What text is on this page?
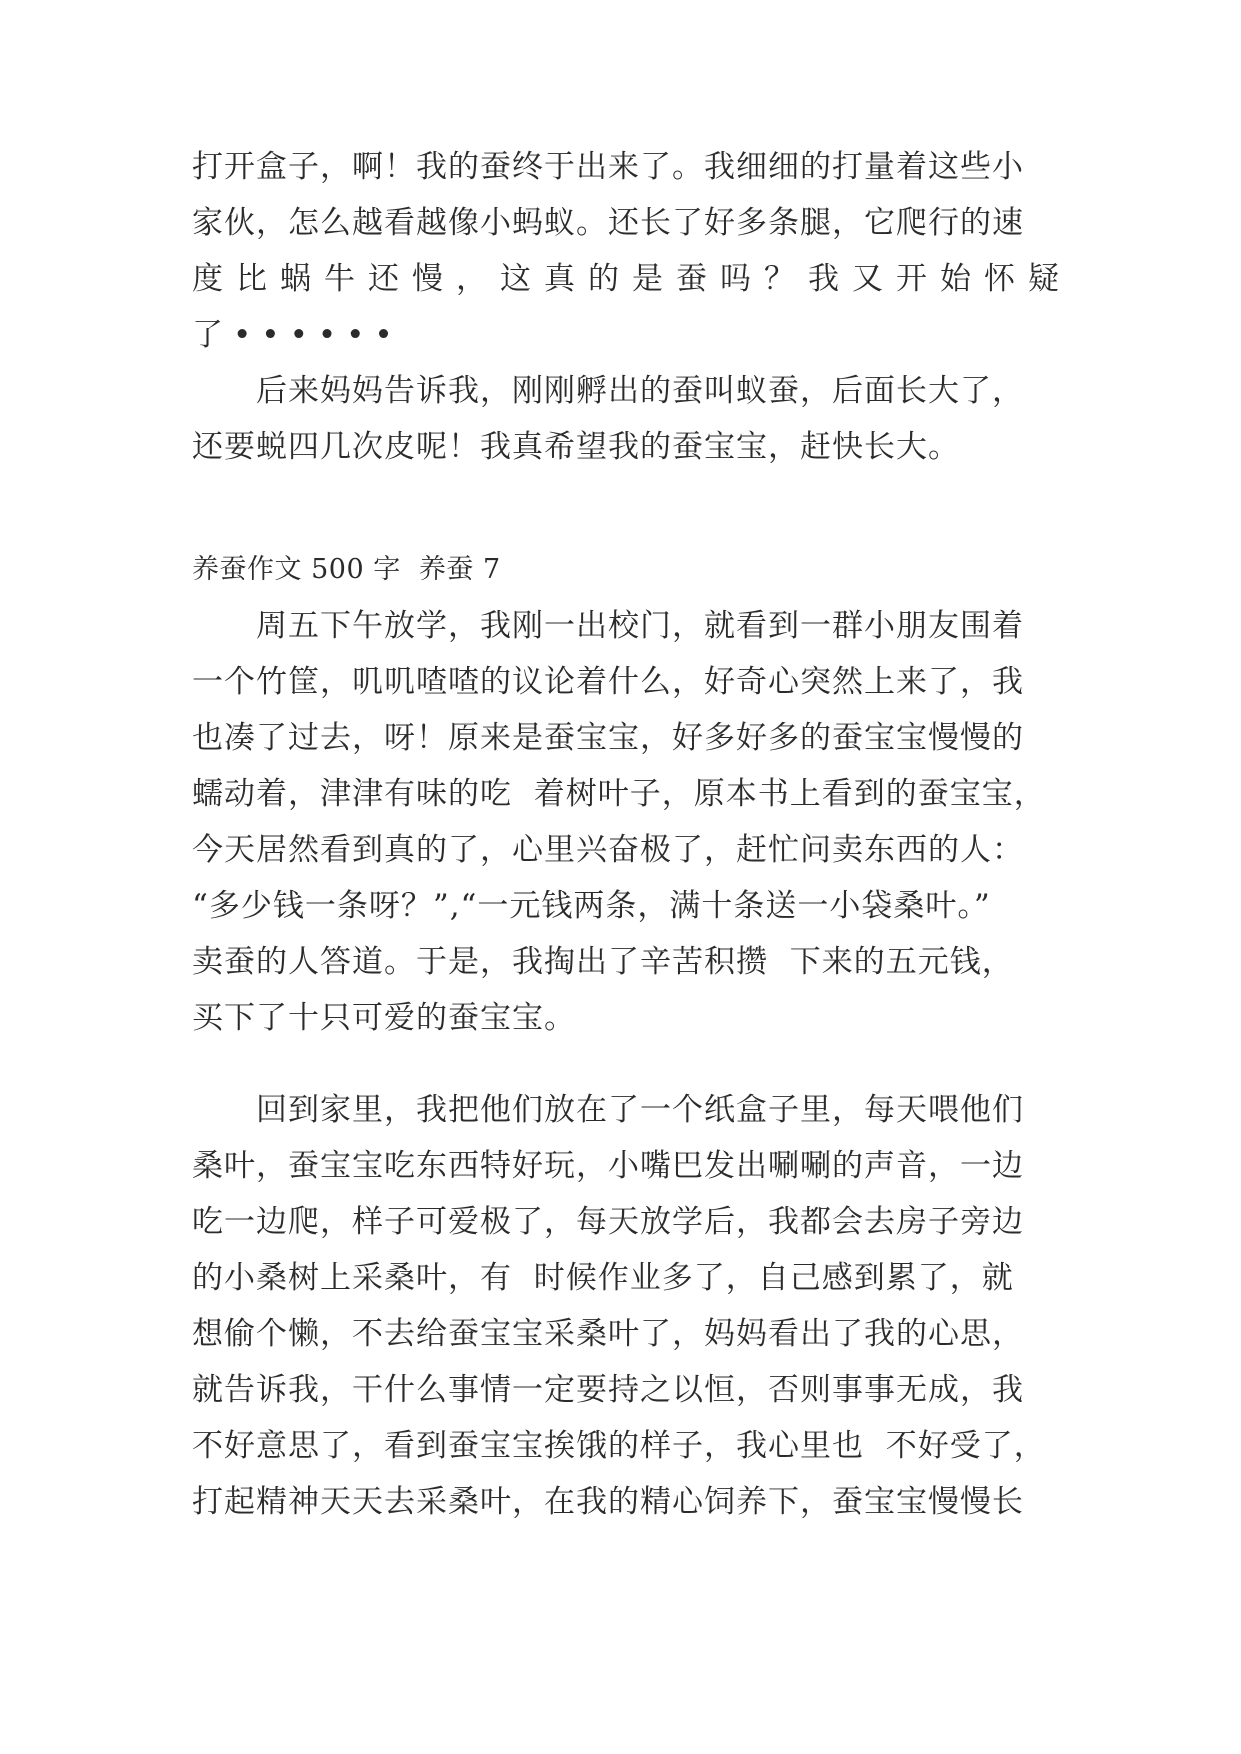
打开盒子，啊！我的蚕终于出来了。我细细的打量着这些小
家伙，怎么越看越像小蚂蚁。还长了好多条腿，它爬行的速
度比蜗牛还慢，这真的是蚕吗？我又开始怀疑
了••••••
后来妈妈告诉我，刚刚孵出的蚕叫蚁蚕，后面长大了，
还要蜕四几次皮呢！我真希望我的蚕宝宝，赶快长大。
养蚕作文 500 字  养蚕 7
周五下午放学，我刚一出校门，就看到一群小朋友围着
一个竹筐，叽叽喳喳的议论着什么，好奇心突然上来了，我
也凑了过去，呀！原来是蚕宝宝，好多好多的蚕宝宝慢慢的
蠕动着，津津有味的吃  着树叶子，原本书上看到的蚕宝宝，
今天居然看到真的了，心里兴奋极了，赶忙问卖东西的人：
“多少钱一条呀？”,“一元钱两条，满十条送一小袋桑叶。”
卖蚕的人答道。于是，我掏出了辛苦积攒  下来的五元钱，
买下了十只可爱的蚕宝宝。
回到家里，我把他们放在了一个纸盒子里，每天喂他们
桑叶，蚕宝宝吃东西特好玩，小嘴巴发出唰唰的声音，一边
吃一边爬，样子可爱极了，每天放学后，我都会去房子旁边
的小桑树上采桑叶，有  时候作业多了，自己感到累了，就
想偷个懒，不去给蚕宝宝采桑叶了，妈妈看出了我的心思，
就告诉我，干什么事情一定要持之以恒，否则事事无成，我
不好意思了，看到蚕宝宝挨饿的样子，我心里也  不好受了，
打起精神天天去采桑叶，在我的精心饲养下，蚕宝宝慢慢长
